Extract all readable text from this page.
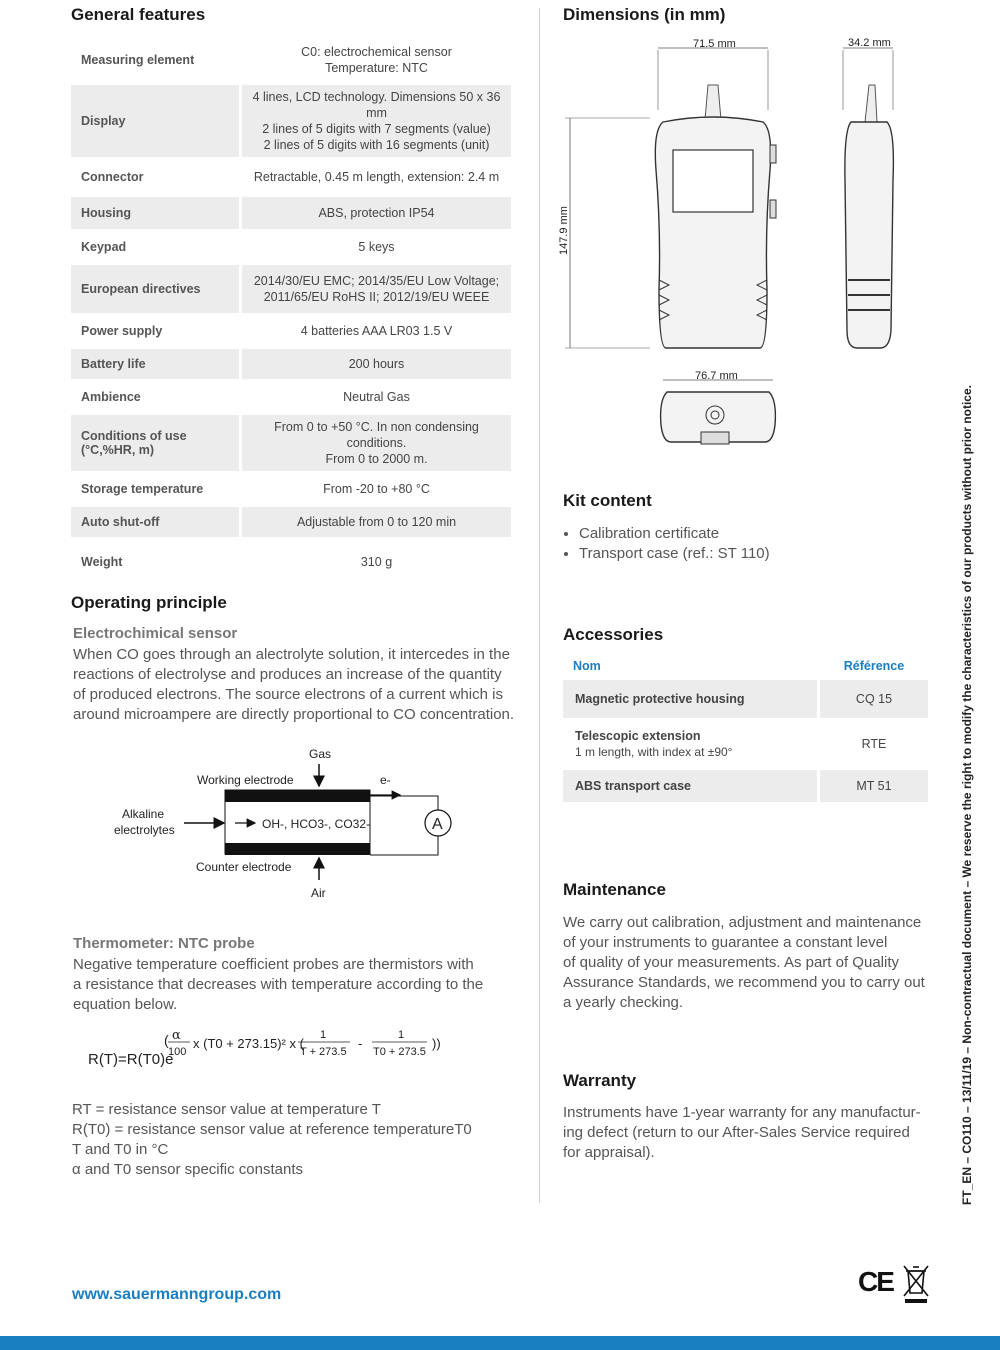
General features
Measuring element	C0: electrochemical sensor
Temperature: NTC

Display	4 lines, LCD technology. Dimensions 50 x 36 mm
2 lines of 5 digits with 7 segments (value)
2 lines of 5 digits with 16 segments (unit)

Connector	Retractable, 0.45 m length, extension: 2.4 m
Housing	ABS, protection IP54
Keypad	5 keys
European directives	2014/30/EU EMC; 2014/35/EU Low Voltage;
2011/65/EU RoHS II; 2012/19/EU WEEE

Power supply	4 batteries AAA LR03 1.5 V
Battery life	200 hours
Ambience	Neutral Gas
Conditions of use (°C,%HR, m)	From 0 to +50 °C. In non condensing conditions.
From 0 to 2000 m.

Storage temperature	From -20 to +80 °C
Auto shut-off	Adjustable from 0 to 120 min
Weight	310 g
Operating principle
Electrochimical sensor
When CO goes through an alectrolyte solution, it intercedes in the
reactions of electrolyse and produces an increase of the quantity
of produced electrons. The source electrons of a current which is
around microampere are directly proportional to CO concentration.
Gas
Working electrode	e-
A
Alkaline
electrolytes	OH-, HCO3-, CO32-
Counter electrode
Air
Thermometer: NTC probe
Negative temperature coefficient probes are thermistors with
a resistance that decreases with temperature according to the
equation below.
R(T)=R(T0)e
( α
100
x (T0 + 273.15)² x (
1
T + 273.5
-
1
T0 + 273.5
))
RT = resistance sensor value at temperature T
R(T0) = resistance sensor value at reference temperatureT0
T and T0 in °C
α and T0 sensor specific constants
Dimensions (in mm)
71.5 mm	34.2 mm
147.9 mm
76.7 mm
Kit content
• Calibration certificate
• Transport case (ref.: ST 110)
Accessories
Nom	Référence
Magnetic protective housing	CQ 15
Telescopic extension
1 m length, with index at ±90°	RTE
ABS transport case	MT 51
Maintenance
We carry out calibration, adjustment and maintenance
of your instruments to guarantee a constant level
of quality of your measurements. As part of Quality
Assurance Standards, we recommend you to carry out
a yearly checking.
Warranty
Instruments have 1-year warranty for any manufactur-
ing defect (return to our After-Sales Service required
for appraisal).	FT_EN – CO110 – 13/11/19 – Non-contractual document – We reserve the right to modify the characteristics of our products without prior notice.
CE
www.sauermanngroup.com
